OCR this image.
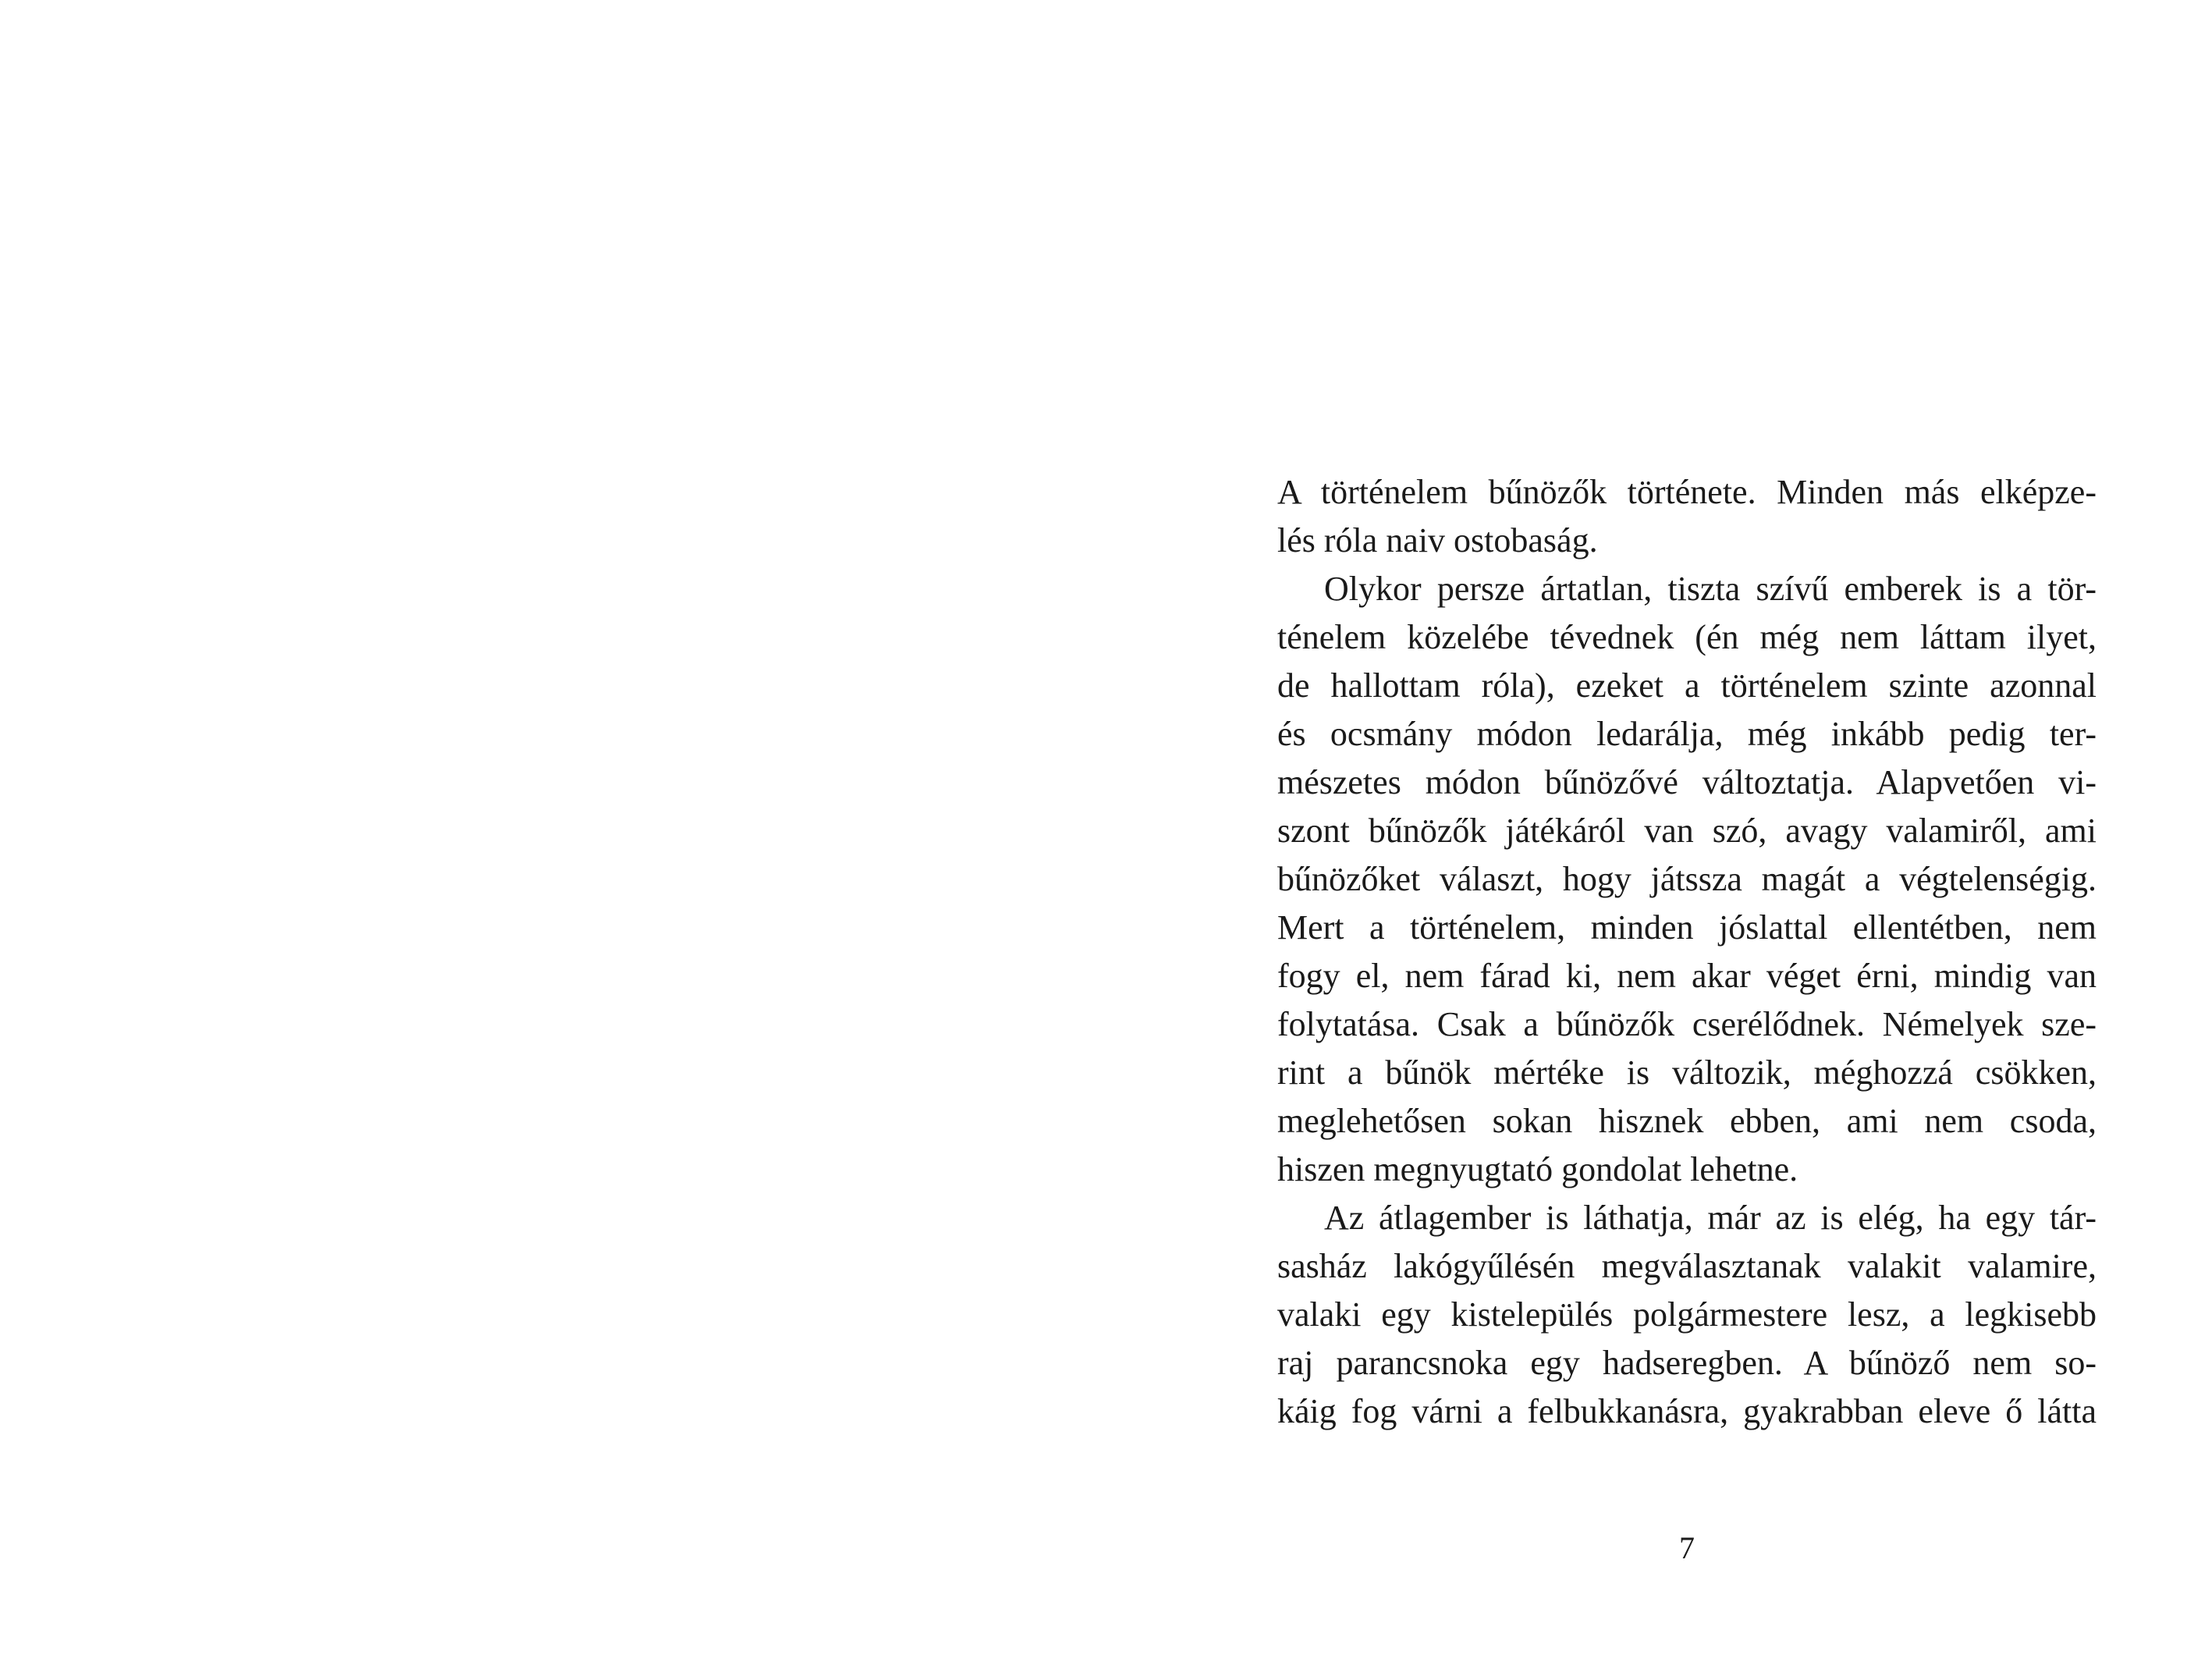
A történelem bűnözők története. Minden más elképze-
lés róla naiv ostobaság.
Olykor persze ártatlan, tiszta szívű emberek is a tör-
ténelem közelébe tévednek (én még nem láttam ilyet,
de hallottam róla), ezeket a történelem szinte azonnal
és ocsmány módon ledarálja, még inkább pedig ter-
mészetes módon bűnözővé változtatja. Alapvetően vi-
szont bűnözők játékáról van szó, avagy valamiről, ami
bűnözőket választ, hogy játssza magát a végtelenségig.
Mert a történelem, minden jóslattal ellentétben, nem
fogy el, nem fárad ki, nem akar véget érni, mindig van
folytatása. Csak a bűnözők cserélődnek. Némelyek sze-
rint a bűnök mértéke is változik, méghozzá csökken,
meglehetősen sokan hisznek ebben, ami nem csoda,
hiszen megnyugtató gondolat lehetne.
Az átlagember is láthatja, már az is elég, ha egy tár-
sasház lakógyűlésén megválasztanak valakit valamire,
valaki egy kistelepülés polgármestere lesz, a legkisebb
raj parancsnoka egy hadseregben. A bűnöző nem so-
káig fog várni a felbukkanásra, gyakrabban eleve ő látta
7
